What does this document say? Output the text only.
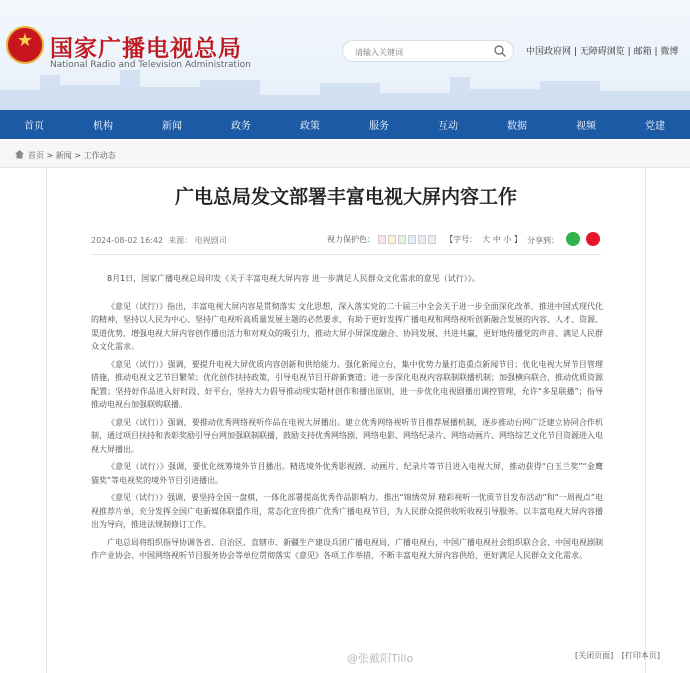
★
国家广播电视总局
National Radio and Television Administration
请输入关键词
中国政府网 | 无障碍浏览 | 邮箱 | 微博
首页	机构	新闻	政务	政策	服务	互动	数据	视频	党建
首页 > 新闻 > 工作动态
广电总局发文部署丰富电视大屏内容工作
2024-08-02 16:42 来源： 电视剧司	视力保护色：	【字号： 大 中 小 】 分享到：

8月1日，国家广播电视总局印发《关于丰富电视大屏内容 进一步满足人民群众文化需求的意见（试行）》。

《意见（试行）》指出，丰富电视大屏内容是贯彻落实 文化思想，深入落实党的二十届三中全会关于进一步全面深化改革、推进中国式现代化的精神，坚持以人民为中心、坚持广电视听高质量发展主题的必然要求，有助于更好发挥广播电视和网络视听创新融合发展的内容、人才、资源、渠道优势，增强电视大屏内容创作播出活力和对观众的吸引力，推动大屏小屏深度融合、协同发展、共进共赢，更好地传播党的声音、满足人民群众文化需求。

《意见（试行）》强调，要提升电视大屏优质内容创新和供给能力。强化新闻立台，集中优势力量打造重点新闻节目；优化电视大屏节目管理措施，推动电视文艺节目繁荣；优化创作扶持政策，引导电视节目开辟新赛道；进一步深化电视内容联制联播机制；加强横向联合，推动优质资源配置；坚持好作品进入好时段、好平台，坚持大力倡导推动现实题材创作和播出原则，进一步优化电视剧播出调控管理，允许“多星联播”；指导推动电视台加强联购联播。

《意见（试行）》强调，要推动优秀网络视听作品在电视大屏播出。建立优秀网络视听节目推荐展播机制，逐步推动台网广泛建立协同合作机制，通过项目扶持和表彰奖励引导台网加强联制联播，鼓励支持优秀网络剧、网络电影、网络纪录片、网络动画片、网络综艺文化节目资源进入电视大屏播出。

《意见（试行）》强调，要优化统筹境外节目播出。精选境外优秀影视剧、动画片、纪录片等节目进入电视大屏，推动获得“白玉兰奖”“金鹰猫奖”等电视奖的境外节目引进播出。

《意见（试行）》强调，要坚持全国一盘棋，一体化部署提高优秀作品影响力。推出“锦绣荧屏 精彩视听一优质节目发布活动”和“一周视点”电视推荐片单，充分发挥全国广电新媒体联盟作用，常态化宣传推广优秀广播电视节目，为人民群众提供收听收视引导服务。以丰富电视大屏内容播出为导向，推进法规制修订工作。

广电总局将组织指导协调各省、自治区、直辖市、新疆生产建设兵团广播电视局、广播电视台，中国广播电视社会组织联合会、中国电视剧制作产业协会、中国网络视听节目服务协会等单位贯彻落实《意见》各项工作举措，不断丰富电视大屏内容供给，更好满足人民群众文化需求。

@张戴阳Tillo	[关闭页面] [打印本页]
